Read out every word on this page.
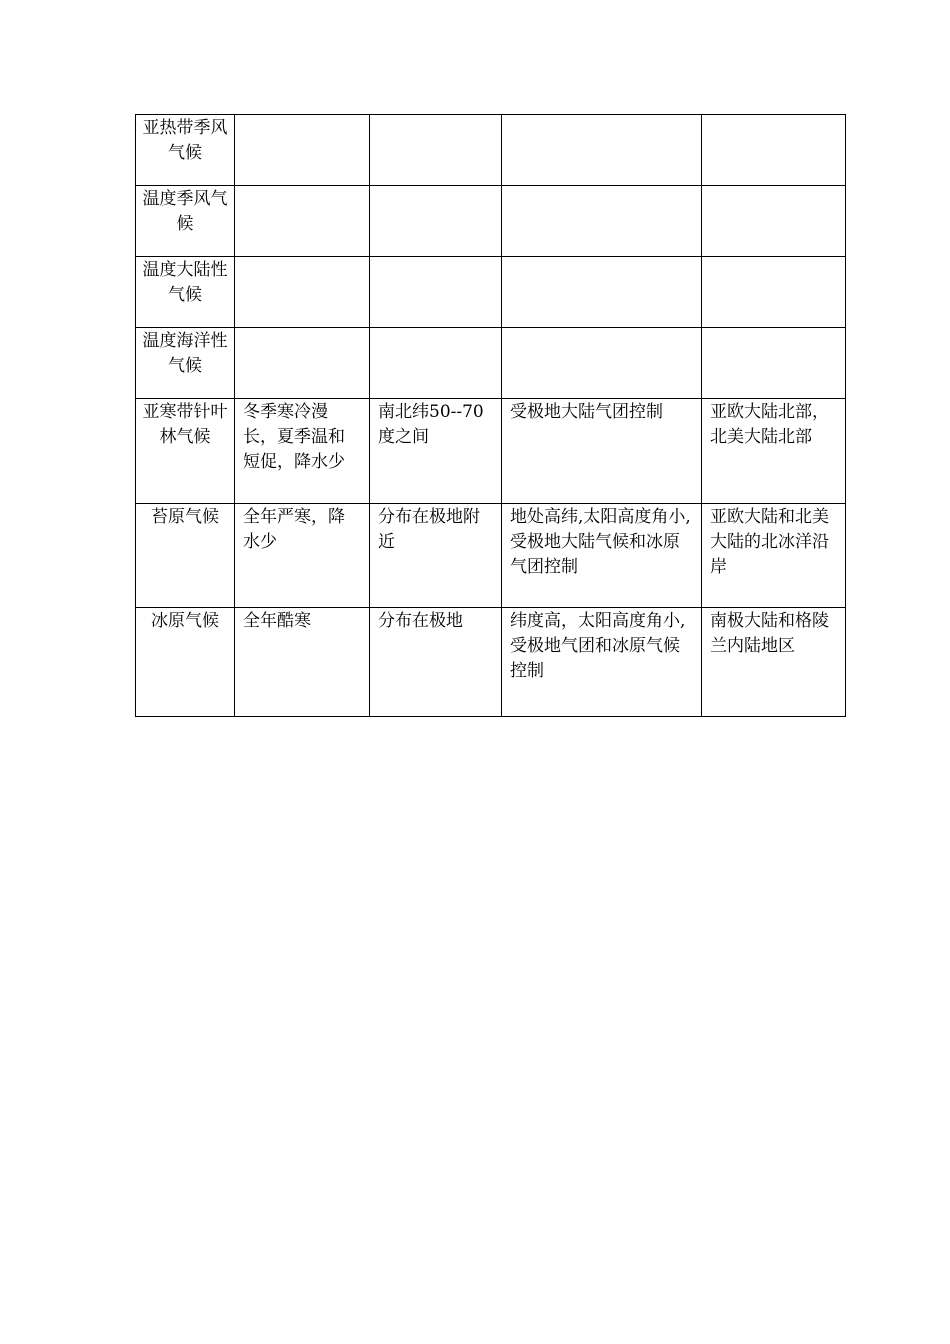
亚热带季风气候				
温度季风气候				
温度大陆性气候				
温度海洋性气候				
亚寒带针叶林气候	冬季寒冷漫长，夏季温和短促，降水少	南北纬50--70度之间	受极地大陆气团控制	亚欧大陆北部，北美大陆北部
苔原气候	全年严寒，降水少	分布在极地附近	地处高纬,太阳高度角小,受极地大陆气候和冰原气团控制	亚欧大陆和北美大陆的北冰洋沿岸
冰原气候	全年酷寒	分布在极地	纬度高，太阳高度角小,受极地气团和冰原气候控制	南极大陆和格陵兰内陆地区
